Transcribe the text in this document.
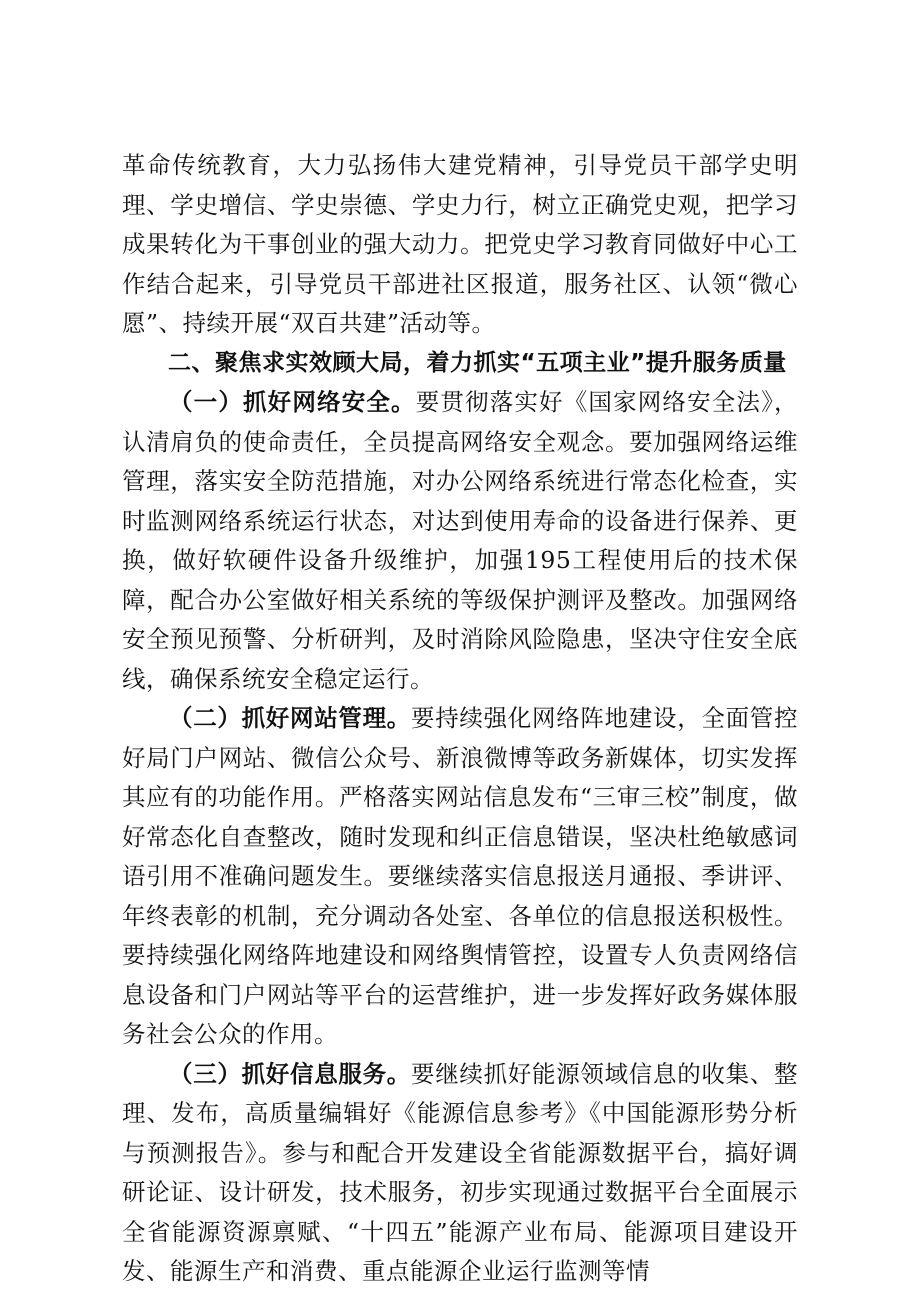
革命传统教育，大力弘扬伟大建党精神，引导党员干部学史明理、学史增信、学史崇德、学史力行，树立正确党史观，把学习成果转化为干事创业的强大动力。把党史学习教育同做好中心工作结合起来，引导党员干部进社区报道，服务社区、认领“微心愿”、持续开展“双百共建”活动等。

二、聚焦求实效顾大局，着力抓实“五项主业”提升服务质量

（一）抓好网络安全。要贯彻落实好《国家网络安全法》，认清肩负的使命责任，全员提高网络安全观念。要加强网络运维管理，落实安全防范措施，对办公网络系统进行常态化检查，实时监测网络系统运行状态，对达到使用寿命的设备进行保养、更换，做好软硬件设备升级维护，加强195工程使用后的技术保障，配合办公室做好相关系统的等级保护测评及整改。加强网络安全预见预警、分析研判，及时消除风险隐患，坚决守住安全底线，确保系统安全稳定运行。

（二）抓好网站管理。要持续强化网络阵地建设，全面管控好局门户网站、微信公众号、新浪微博等政务新媒体，切实发挥其应有的功能作用。严格落实网站信息发布“三审三校”制度，做好常态化自查整改，随时发现和纠正信息错误，坚决杜绝敏感词语引用不准确问题发生。要继续落实信息报送月通报、季讲评、年终表彰的机制，充分调动各处室、各单位的信息报送积极性。要持续强化网络阵地建设和网络舆情管控，设置专人负责网络信息设备和门户网站等平台的运营维护，进一步发挥好政务媒体服务社会公众的作用。

（三）抓好信息服务。要继续抓好能源领域信息的收集、整理、发布，高质量编辑好《能源信息参考》《中国能源形势分析与预测报告》。参与和配合开发建设全省能源数据平台，搞好调研论证、设计研发，技术服务，初步实现通过数据平台全面展示全省能源资源禀赋、“十四五”能源产业布局、能源项目建设开发、能源生产和消费、重点能源企业运行监测等情
